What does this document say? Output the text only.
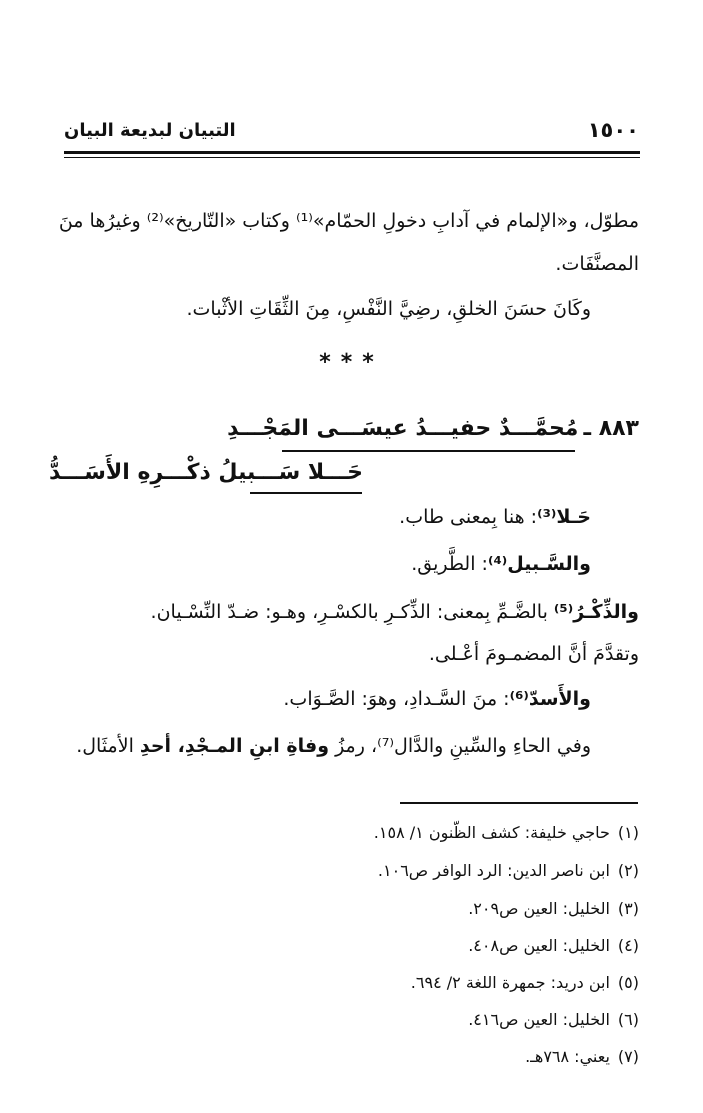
١٥٠٠
التبيان لبديعة البيان
مطوّل، و«الإلمام في آدابِ دخولِ الحمّام»⁽¹⁾ وكتاب «التّاريخ»⁽²⁾ وغيرُها منَ
المصنَّفَات.
وكَانَ حسَنَ الخلقِ، رضِيَّ النَّفْسِ، مِنَ الثِّقَاتِ الأثْبات.
***
٨٨٣ ـ مُحمَّـــدٌ حفيـــدُ عيسَـــى المَجْـــدِ
حَـــلا سَـــبيلُ ذكْـــرِهِ الأَسَـــدُّ
حَـلا⁽³⁾: هنا بِمعنى طاب.
والسَّـبيل⁽⁴⁾: الطَّريق.
والذِّكْـرُ⁽⁵⁾ بالضَّـمِّ بِمعنى: الذِّكـرِ بالكسْـرِ، وهـو: ضـدّ النِّسْـيان.
وتقدَّمَ أنَّ المضمـومَ أعْـلى.
والأَسدّ⁽⁶⁾: منَ السَّـدادِ، وهوَ: الصَّـوَاب.
وفي الحاءِ والسِّينِ والدَّال⁽⁷⁾، رمزُ وفاةِ ابنِ المـجْدِ، أحدِ الأمثَال.
(١)حاجي خليفة: كشف الظّنون ١/ ١٥٨.
(٢)ابن ناصر الدين: الرد الوافر ص١٠٦.
(٣)الخليل: العين ص٢٠٩.
(٤)الخليل: العين ص٤٠٨.
(٥)ابن دريد: جمهرة اللغة ٢/ ٦٩٤.
(٦)الخليل: العين ص٤١٦.
(٧)يعني: ٧٦٨هـ.
